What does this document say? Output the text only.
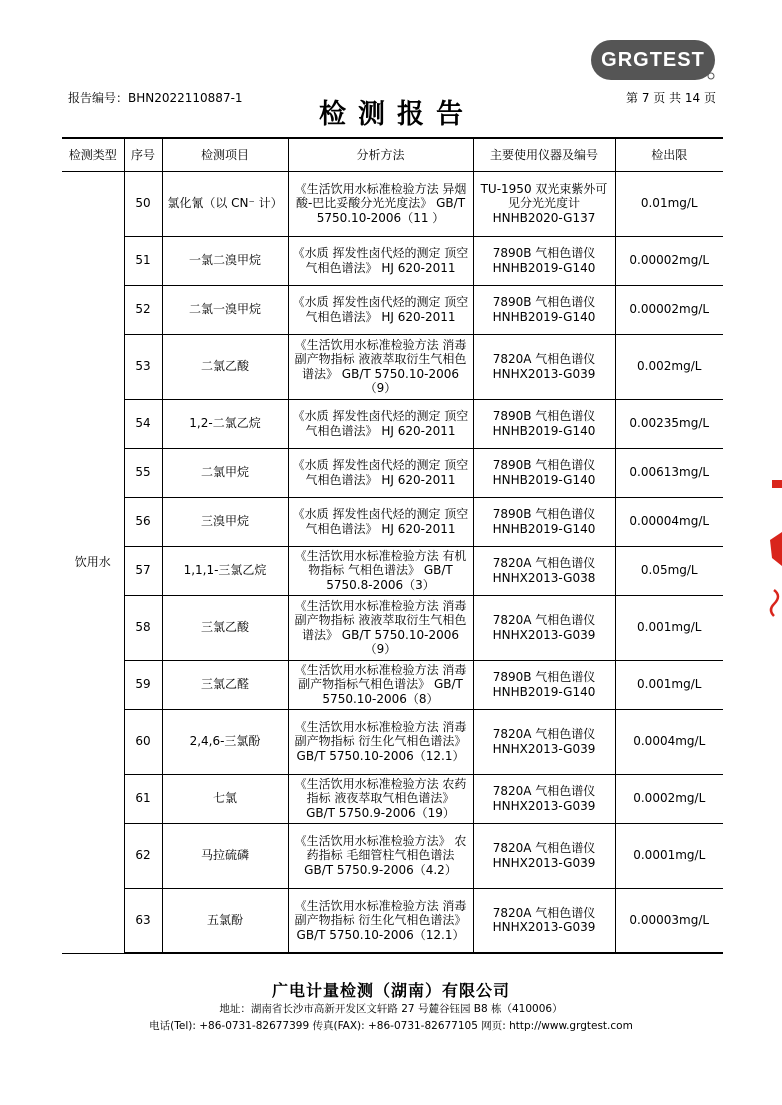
报告编号：BHN2022110887-1
检测报告
第 7 页 共 14 页
GRGTEST
检测类型	序号	检测项目	分析方法	主要使用仪器及编号	检出限
饮用水	50	氯化氰（以 CN⁻ 计）	《生活饮用水标准检验方法 异烟酸-巴比妥酸分光光度法》 GB/T 5750.10-2006（11 ）	TU-1950 双光束紫外可见分光光度计 HNHB2020-G137	0.01mg/L
	51	一氯二溴甲烷	《水质 挥发性卤代烃的测定 顶空气相色谱法》 HJ 620-2011	7890B 气相色谱仪 HNHB2019-G140	0.00002mg/L
	52	二氯一溴甲烷	《水质 挥发性卤代烃的测定 顶空气相色谱法》 HJ 620-2011	7890B 气相色谱仪 HNHB2019-G140	0.00002mg/L
	53	二氯乙酸	《生活饮用水标准检验方法 消毒副产物指标 液液萃取衍生气相色谱法》 GB/T 5750.10-2006（9）	7820A 气相色谱仪 HNHX2013-G039	0.002mg/L
	54	1,2-二氯乙烷	《水质 挥发性卤代烃的测定 顶空气相色谱法》 HJ 620-2011	7890B 气相色谱仪 HNHB2019-G140	0.00235mg/L
	55	二氯甲烷	《水质 挥发性卤代烃的测定 顶空气相色谱法》 HJ 620-2011	7890B 气相色谱仪 HNHB2019-G140	0.00613mg/L
	56	三溴甲烷	《水质 挥发性卤代烃的测定 顶空气相色谱法》 HJ 620-2011	7890B 气相色谱仪 HNHB2019-G140	0.00004mg/L
	57	1,1,1-三氯乙烷	《生活饮用水标准检验方法 有机物指标 气相色谱法》 GB/T 5750.8-2006（3）	7820A 气相色谱仪 HNHX2013-G038	0.05mg/L
	58	三氯乙酸	《生活饮用水标准检验方法 消毒副产物指标 液液萃取衍生气相色谱法》 GB/T 5750.10-2006（9）	7820A 气相色谱仪 HNHX2013-G039	0.001mg/L
	59	三氯乙醛	《生活饮用水标准检验方法 消毒副产物指标气相色谱法》 GB/T 5750.10-2006（8）	7890B 气相色谱仪 HNHB2019-G140	0.001mg/L
	60	2,4,6-三氯酚	《生活饮用水标准检验方法 消毒副产物指标 衍生化气相色谱法》 GB/T 5750.10-2006（12.1）	7820A 气相色谱仪 HNHX2013-G039	0.0004mg/L
	61	七氯	《生活饮用水标准检验方法 农药指标 液夜萃取气相色谱法》 GB/T 5750.9-2006（19）	7820A 气相色谱仪 HNHX2013-G039	0.0002mg/L
	62	马拉硫磷	《生活饮用水标准检验方法》 农药指标 毛细管柱气相色谱法 GB/T 5750.9-2006（4.2）	7820A 气相色谱仪 HNHX2013-G039	0.0001mg/L
	63	五氯酚	《生活饮用水标准检验方法 消毒副产物指标 衍生化气相色谱法》 GB/T 5750.10-2006（12.1）	7820A 气相色谱仪 HNHX2013-G039	0.00003mg/L
广电计量检测（湖南）有限公司
地址：湖南省长沙市高新开发区文轩路 27 号麓谷钰园 B8 栋（410006）
电话(Tel): +86-0731-82677399 传真(FAX): +86-0731-82677105 网页: http://www.grgtest.com
